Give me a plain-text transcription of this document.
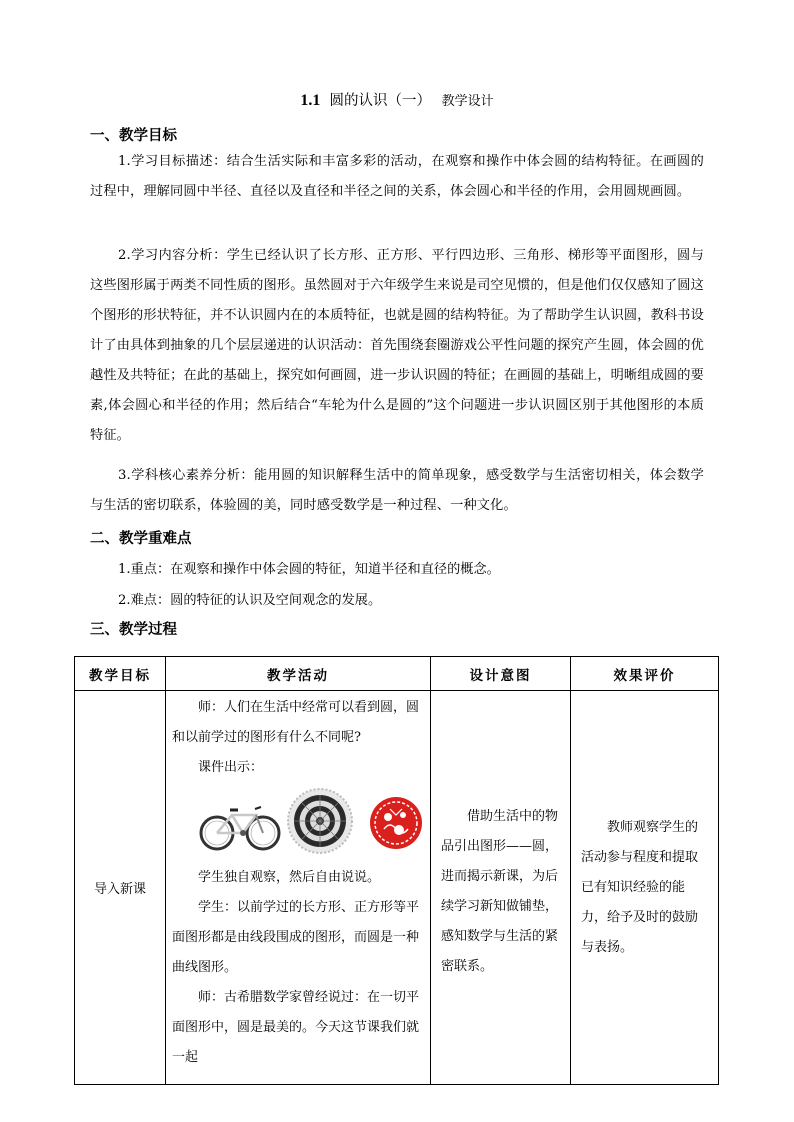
1.1 圆的认识（一） 教学设计
一、教学目标
1.学习目标描述：结合生活实际和丰富多彩的活动，在观察和操作中体会圆的结构特征。在画圆的过程中，理解同圆中半径、直径以及直径和半径之间的关系，体会圆心和半径的作用，会用圆规画圆。
2.学习内容分析：学生已经认识了长方形、正方形、平行四边形、三角形、梯形等平面图形，圆与这些图形属于两类不同性质的图形。虽然圆对于六年级学生来说是司空见惯的，但是他们仅仅感知了圆这个图形的形状特征，并不认识圆内在的本质特征，也就是圆的结构特征。为了帮助学生认识圆，教科书设计了由具体到抽象的几个层层递进的认识活动：首先围绕套圈游戏公平性问题的探究产生圆，体会圆的优越性及共特征；在此的基础上，探究如何画圆，进一步认识圆的特征；在画圆的基础上，明晰组成圆的要素,体会圆心和半径的作用；然后结合“车轮为什么是圆的”这个问题进一步认识圆区别于其他图形的本质特征。
3.学科核心素养分析：能用圆的知识解释生活中的简单现象，感受数学与生活密切相关，体会数学与生活的密切联系，体验圆的美，同时感受数学是一种过程、一种文化。
二、教学重难点
1.重点：在观察和操作中体会圆的特征，知道半径和直径的概念。
2.难点：圆的特征的认识及空间观念的发展。
三、教学过程
教学目标	教学活动	设计意图	效果评价
导入新课	师：人们在生活中经常可以看到圆，圆和以前学过的图形有什么不同呢?

课件出示：

学生独自观察，然后自由说说。

学生：以前学过的长方形、正方形等平面图形都是由线段围成的图形，而圆是一种曲线图形。

师：古希腊数学家曾经说过：在一切平面图形中，圆是最美的。今天这节课我们就一起	借助生活中的物品引出图形——圆，进而揭示新课，为后续学习新知做铺垫，感知数学与生活的紧密联系。	教师观察学生的活动参与程度和提取已有知识经验的能力，给予及时的鼓励与表扬。
